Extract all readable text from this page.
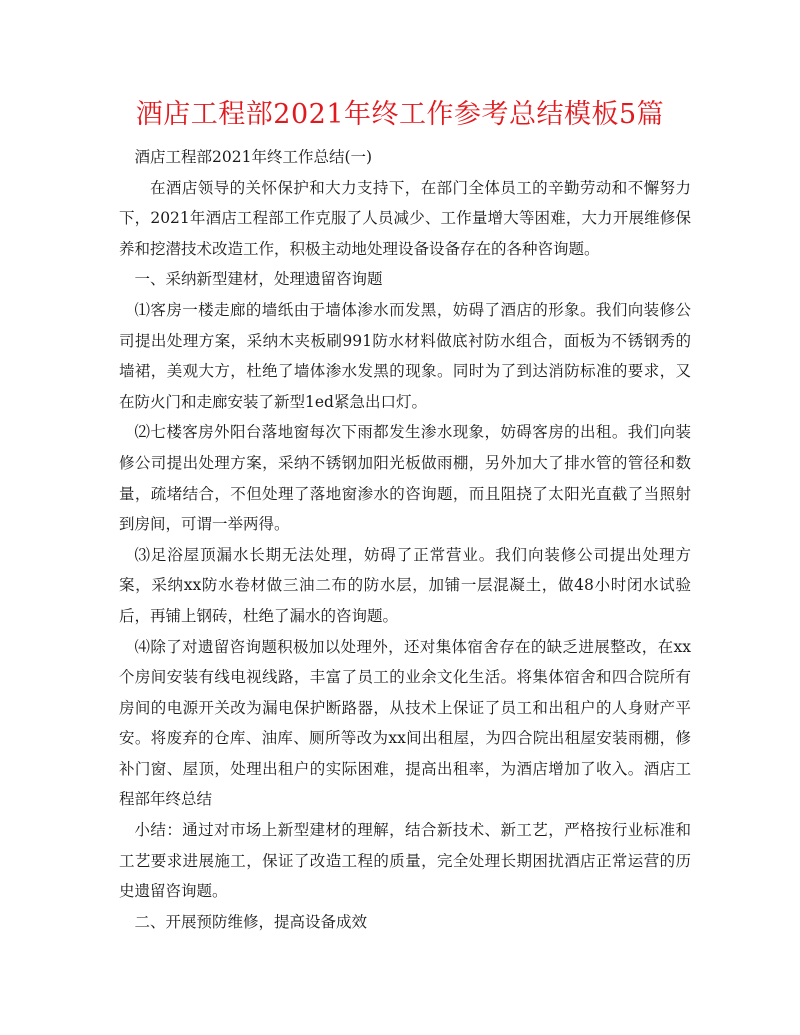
酒店工程部2021年终工作参考总结模板5篇

酒店工程部2021年终工作总结(一)

在酒店领导的关怀保护和大力支持下，在部门全体员工的辛勤劳动和不懈努力下，2021年酒店工程部工作克服了人员减少、工作量增大等困难，大力开展维修保养和挖潜技术改造工作，积极主动地处理设备设备存在的各种咨询题。

一、采纳新型建材，处理遗留咨询题

⑴客房一楼走廊的墙纸由于墙体渗水而发黑，妨碍了酒店的形象。我们向装修公司提出处理方案，采纳木夹板刷991防水材料做底衬防水组合，面板为不锈钢秀的墙裙，美观大方，杜绝了墙体渗水发黑的现象。同时为了到达消防标准的要求，又在防火门和走廊安装了新型1ed紧急出口灯。

⑵七楼客房外阳台落地窗每次下雨都发生渗水现象，妨碍客房的出租。我们向装修公司提出处理方案，采纳不锈钢加阳光板做雨棚，另外加大了排水管的管径和数量，疏堵结合，不但处理了落地窗渗水的咨询题，而且阻挠了太阳光直截了当照射到房间，可谓一举两得。

⑶足浴屋顶漏水长期无法处理，妨碍了正常营业。我们向装修公司提出处理方案，采纳xx防水卷材做三油二布的防水层，加铺一层混凝土，做48小时闭水试验后，再铺上钢砖，杜绝了漏水的咨询题。

⑷除了对遗留咨询题积极加以处理外，还对集体宿舍存在的缺乏进展整改，在xx个房间安装有线电视线路，丰富了员工的业余文化生活。将集体宿舍和四合院所有房间的电源开关改为漏电保护断路器，从技术上保证了员工和出租户的人身财产平安。将废弃的仓库、油库、厕所等改为xx间出租屋，为四合院出租屋安装雨棚，修补门窗、屋顶，处理出租户的实际困难，提高出租率，为酒店增加了收入。酒店工程部年终总结

小结：通过对市场上新型建材的理解，结合新技术、新工艺，严格按行业标准和工艺要求进展施工，保证了改造工程的质量，完全处理长期困扰酒店正常运营的历史遗留咨询题。

二、开展预防维修，提高设备成效
